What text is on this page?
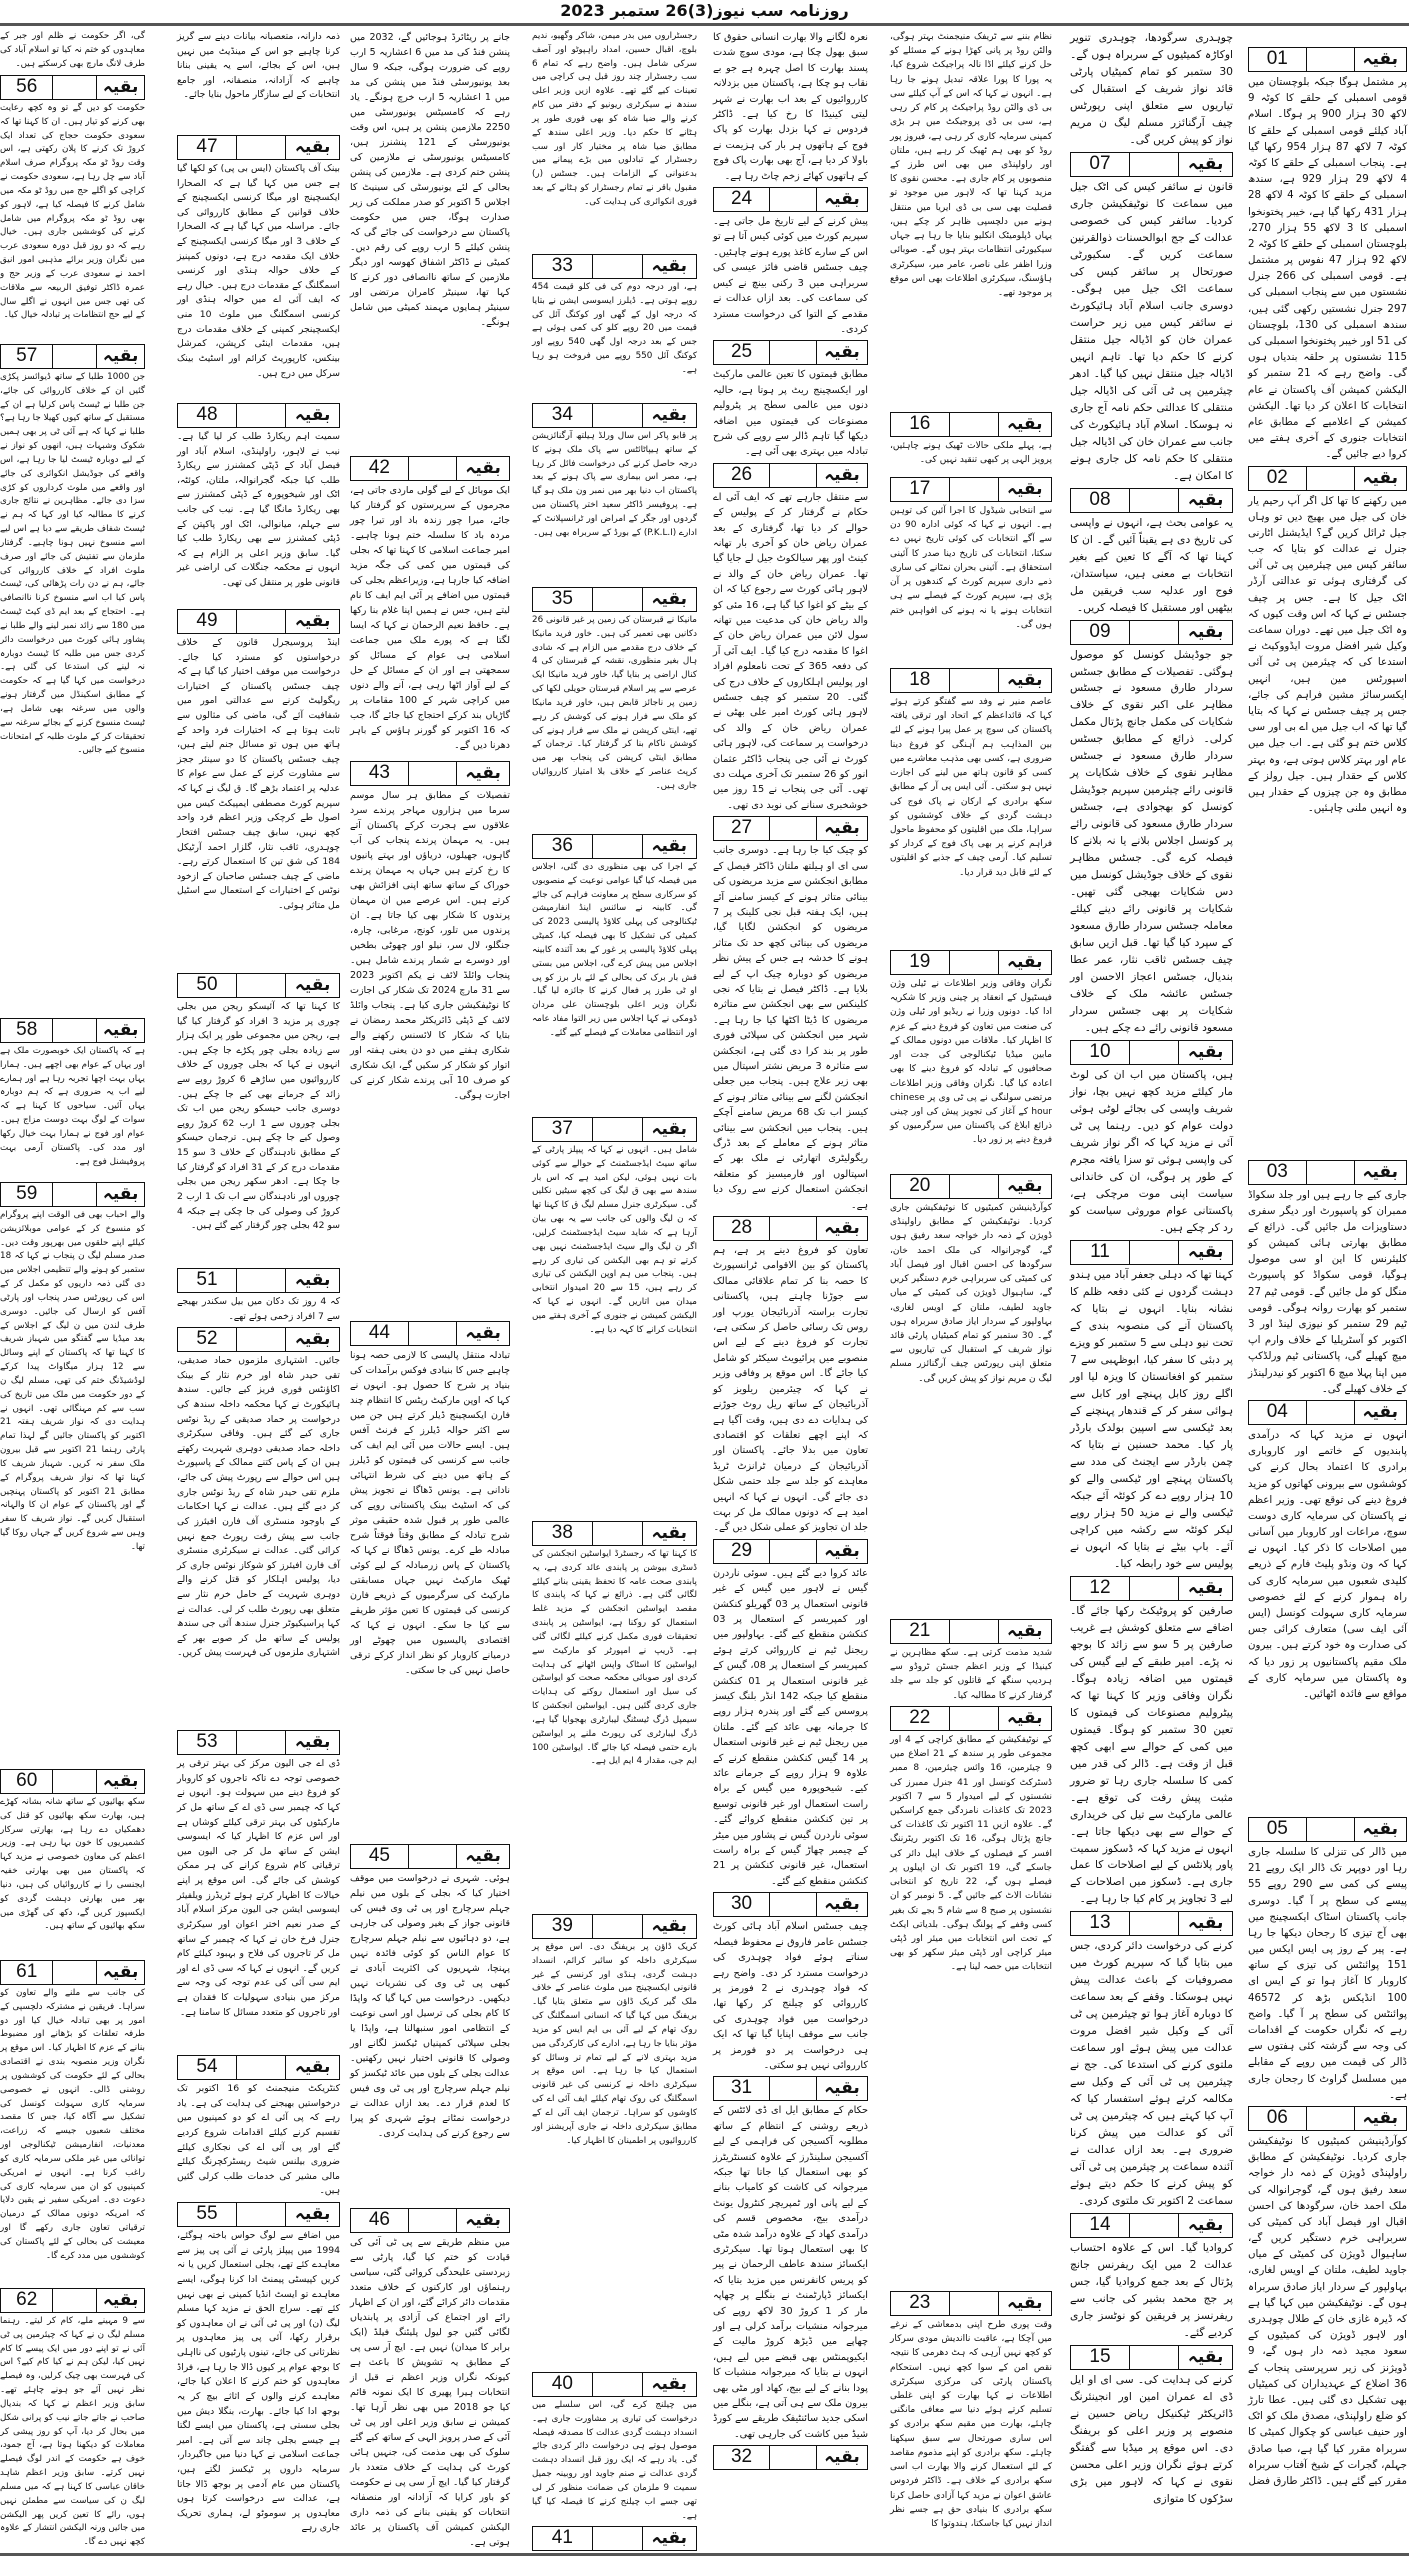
روزنامہ سب نیوز(3)26 ستمبر 2023
01	بقیہ

پر مشتمل ہوگا جبکہ بلوچستان میں قومی اسمبلی کے حلقے کا کوٹہ 9 لاکھ 30 ہزار 900 پر ہوگا۔ اسلام آباد کیلئے قومی اسمبلی کے حلقے کا کوٹہ 7 لاکھ 87 ہزار 954 رکھا گیا ہے۔ پنجاب اسمبلی کے حلقے کا کوٹہ 4 لاکھ 29 ہزار 929 ہے، سندھ اسمبلی کے حلقے کا کوٹہ 4 لاکھ 28 ہزار 431 رکھا گیا ہے، خیبر پختونخوا اسمبلی کا 3 لاکھ 55 ہزار 270، بلوچستان اسمبلی کے حلقے کا کوٹہ 2 لاکھ 92 ہزار 47 نفوس پر مشتمل ہے۔ قومی اسمبلی کی 266 جنرل نشستوں میں سے پنجاب اسمبلی کی 297 جنرل نشستیں رکھی گئی ہیں، سندھ اسمبلی کی 130، بلوچستان کی 51 اور خیبر پختونخوا اسمبلی کی 115 نشستوں پر حلقہ بندیاں ہوں گی۔ واضح رہے کہ 21 ستمبر کو الیکشن کمیشن آف پاکستان نے عام انتخابات کا اعلان کر دیا تھا۔ الیکشن کمیشن کے اعلامیے کے مطابق عام انتخابات جنوری کے آخری ہفتے میں کروا دیے جائیں گے۔

02	بقیہ

میں رکھنے کا تھا کل اگر آپ رحیم یار خان کی جیل میں بھیج دیں تو وہاں جیل ٹرائل کریں گے؟ ایڈیشنل اٹارنی جنرل نے عدالت کو بتایا کہ جب سائفر کیس میں چیئرمین پی ٹی آئی کی گرفتاری ہوئی تو عدالتی آرڈر اٹک جیل کا ہے۔ جس پر چیف جسٹس نے کہا کہ اس وقت کیوں کہ وہ اٹک جیل میں تھے۔ دوران سماعت وکیل شیر افضل مروت ایڈووکیٹ نے استدعا کی کہ چیئرمین پی ٹی آئی اسپورٹس مین ہیں، انہیں ایکسرسائز مشین فراہم کی جائے، جس پر چیف جسٹس نے کہا کہ بتایا گیا تھا کہ اب جیل میں اے بی اور سی کلاس ختم ہو گئی ہے۔ اب جیل میں عام اور بہتر کلاس ہوتی ہے، وہ بہتر کلاس کے حقدار ہیں۔ جیل رولز کے مطابق وہ جن چیزوں کے حقدار ہیں وہ انہیں ملنی چاہئیں۔

03	بقیہ

جاری کیے جا رہے ہیں اور جلد سکواڈ ممبران کو پاسپورٹ اور دیگر سفری دستاویزات مل جائیں گی۔ ذرائع کے مطابق بھارتی ہائی کمیشن کو کلیئرنس کا این او سی موصول ہوگیا، قومی سکواڈ کو پاسپورٹ منگل کو مل جائیں گے۔ قومی ٹیم 27 ستمبر کو بھارت روانہ ہوگی۔ قومی ٹیم 29 ستمبر کو نیوزی لینڈ اور 3 اکتوبر کو آسٹریلیا کے خلاف وارم اپ میچ کھیلے گی، پاکستانی ٹیم ورلڈکپ میں اپنا پہلا میچ 6 اکتوبر کو نیدرلینڈز کے خلاف کھیلے گی۔

04	بقیہ

انہوں نے مزید کہا کہ درآمدی پابندیوں کے خاتمے اور کاروباری برادری کا اعتماد بحال کرنے کی کوششوں سے بیرونی کھاتوں کو مزید فروغ دینے کی توقع تھی۔ وزیر اعظم نے پاکستان کی سرمایہ کاری دوست سوچ، مراعات اور کاروبار میں آسانی میں اصلاحات کا ذکر کیا۔ انہوں نے کہا کہ ون ونڈو پلیٹ فارم کے ذریعے کلیدی شعبوں میں سرمایہ کاری کی راہ ہموار کرنے کے لئے خصوصی سرمایہ کاری سہولت کونسل (ایس آئی ایف سی) متعارف کرائی جس کی صدارت وہ خود کرتے ہیں۔ بیرون ملک مقیم پاکستانیوں پر زور دیا کہ وہ پاکستان میں سرمایہ کاری کے مواقع سے فائدہ اٹھائیں۔

05	بقیہ

میں ڈالر کی تنزلی کا سلسلہ جاری رہا اور دوپہر تک ڈالر ایک روپے 21 پیسے کی کمی سے 290 روپے 55 پیسے کی سطح پر آ گیا۔ دوسری جانب پاکستان اسٹاک ایکسچینج میں بھی آج تیزی کا رجحان دیکھا جا رہا ہے۔ پیر کے روز پی ایس ایکس میں 151 پوائنٹس کی تیزی کے ساتھ کاروبار کا آغاز ہوا تو کے ایس ای 100 انڈیکس بڑھ کر 46572 پوائنٹس کی سطح پر آ گیا۔ واضح رہے کہ نگراں حکومت کے اقدامات کی وجہ سے گزشتہ کئی ہفتوں سے ڈالر کی قیمت میں روپے کے مقابلے میں مسلسل گراوٹ کا رجحان جاری ہے۔

06	بقیہ

کوآرڈینیشن کمیٹیوں کا نوٹیفکیشن جاری کردیا۔ نوٹیفکیشن کے مطابق راولپنڈی ڈویژن کے ذمہ دار خواجہ سعد رفیق ہوں گے، گوجرانوالہ کی ملک احمد خان، سرگودھا کی احسن اقبال اور فیصل آباد کی کمیٹی کی سربراہی خرم دستگیر کریں گے، ساہیوال ڈویژن کی کمیٹی کے میاں جاوید لطیف، ملتان کے اویس لغاری، بہاولپور کے سردار ایاز صادق سربراہ ہوں گے۔ نوٹیفکیشن میں کہا گیا ہے کہ ڈیرہ غازی خان کے طلال چوہدری اور لاہور ڈویژن کی کمیٹیوں کے سعود مجید ذمہ دار ہوں گے، 9 ڈویژنز کی زیر سرپرستی پنجاب کے 36 اضلاع کے عہدیداران کی کمیٹیاں بھی تشکیل دی گئی ہیں۔ عطا تارڑ کو ضلع راولپنڈی، مصدق ملک کو اٹک اور حنیف عباسی کو چکوال کمیٹی کا سربراہ مقرر کیا گیا ہے، صبا صادق جہلم، گجرات کے شیخ آفتاب سربراہ مقرر کیے گئے ہیں۔ ڈاکٹر طارق فضل

چوہدری سرگودھا، چوہدری تنویر اوکاڑہ کمیٹیوں کے سربراہ ہوں گے۔ 30 ستمبر کو تمام کمیٹیاں پارٹی قائد نواز شریف کے استقبال کی تیاریوں سے متعلق اپنی رپورٹس چیف آرگنائزر مسلم لیگ ن مریم نواز کو پیش کریں گی۔

07	بقیہ

قانون نے سائفر کیس کی اٹک جیل میں سماعت کا نوٹیفکیشن جاری کردیا۔ سائفر کیس کی خصوصی عدالت کے جج ابوالحسنات ذوالقرنین سماعت کریں گے۔ سکیورٹی صورتحال پر سائفر کیس کی سماعت اٹک جیل میں ہوگی۔ دوسری جانب اسلام آباد ہائیکورٹ نے سائفر کیس میں زیر حراست عمران خان کو اڈیالہ جیل منتقل کرنے کا حکم دیا تھا۔ تاہم انہیں اڈیالہ جیل منتقل نہیں کیا گیا۔ ادھر چیئرمین پی ٹی آئی کی اڈیالہ جیل منتقلی کا عدالتی حکم نامہ آج جاری نہ ہوسکا۔ اسلام آباد ہائیکورٹ کی جانب سے عمران خان کی اڈیالہ جیل منتقلی کا حکم نامہ کل جاری ہونے کا امکان ہے۔

08	بقیہ

یہ عوامی بحث ہے، انہوں نے واپسی کی تاریخ دی ہے یقیناً آئیں گے۔ ان کا کہنا تھا کہ آگے کا تعین کیے بغیر انتخابات بے معنی ہیں، سیاستدان، فوج اور عدلیہ سب فریقین مل بیٹھیں اور مستقبل کا فیصلہ کریں۔

09	بقیہ

جو جوڈیشل کونسل کو موصول ہوگئی۔ تفصیلات کے مطابق جسٹس سردار طارق مسعود نے جسٹس مظاہر علی اکبر نقوی کے خلاف شکایات کی مکمل جانچ پڑتال مکمل کرلی۔ ذرائع کے مطابق جسٹس سردار طارق مسعود نے جسٹس مظاہر نقوی کے خلاف شکایات پر قانونی رائے چیئرمین سپریم جوڈیشل کونسل کو بھجوادی ہے، جسٹس سردار طارق مسعود کی قانونی رائے پر کونسل اجلاس بلانے یا نہ بلانے کا فیصلہ کرے گی۔ جسٹس مظاہر نقوی کے خلاف جوڈیشل کونسل میں دس شکایات بھیجی گئی تھیں۔ شکایات پر قانونی رائے دینے کیلئے معاملہ جسٹس سردار طارق مسعود کے سپرد کیا گیا تھا۔ قبل ازیں سابق چیف جسٹس ثاقب نثار، عمر عطا بندیال، جسٹس اعجاز الاحسن اور جسٹس عائشہ ملک کے خلاف شکایات پر بھی جسٹس سردار مسعود قانونی رائے دے چکے ہیں۔

10	بقیہ

ہیں، پاکستان میں اب ان کی لوٹ مار کیلئے مزید کچھ نہیں بچا، نواز شریف واپسی کی بجائے لوٹی ہوئی دولت عوام کو دیں۔ رہنما پی ٹی آئی نے مزید کہا کہ اگر نواز شریف کی واپسی ہوئی تو سزا یافتہ مجرم کے طور پر ہوگی، ان کی خاندانی سیاست اپنی موت مرچکی ہے، پاکستانی عوام موروثی سیاست کو رد کر چکے ہیں۔

11	بقیہ

کہنا تھا کہ دہلی جعفر آباد میں ہندو دہشت گردوں نے کئی دفعہ ظلم کا نشانہ بنایا۔ انہوں نے بتایا کہ پاکستان آنے کی منصوبہ بندی کے تحت نیو دہلی سے 5 ستمبر کو ویزے پر دبئی کا سفر کیا، ابوظہبی سے 7 ستمبر کو افغانستان کا ویزہ لیا اور اگلے روز کابل پہنچے اور کابل سے ہوائی سفر کر کے قندھار پہنچنے کے بعد ٹیکسی سے اسپین بولدک بارڈر پار کیا۔ محمد حسنین نے بتایا کہ چمن بارڈر سے ایجنٹ کی مدد سے پاکستان پہنچے اور ٹیکسی والے کو 10 ہزار روپے دے کر کوئٹہ آئے جبکہ ٹیکسی والے نے مزید 50 ہزار روپے لیکر کوئٹہ سے رکشہ میں کراچی آئے۔ باپ بیٹے نے بتایا کہ انہوں نے پولیس سے خود رابطہ کیا۔

12	بقیہ

صارفین کو پروٹیکٹ رکھا جائے گا۔ اضافے سے متعلق کوشش ہے غریب صارفین پر 5 سو سے زائد کا بوجھ نہ پڑے۔ امیر طبقے کے لیے گیس کی قیمتوں میں اضافہ زیادہ ہوگا۔ نگران وفاقی وزیر کا کہنا تھا کہ پیٹرولیم مصنوعات کی قیمتوں کا تعین 30 ستمبر کو ہوگا۔ قیمتوں میں کمی کے حوالے سے ابھی کچھ قبل از وقت ہے۔ ڈالر کی قدر میں کمی کا سلسلہ جاری رہا تو ضرور مثبت پیش رفت کی توقع ہے۔ عالمی مارکیٹ سے تیل کی خریداری کے حوالے سے بھی دیکھا جاتا ہے۔ انہوں نے مزید کہا کہ ڈسکوز سمیت پاور پلانٹس کے لیے اصلاحات کا عمل جاری ہے۔ ڈسکوز میں اصلاحات کے لیے 3 تجاویز پر کام کیا جا رہا ہے۔

13	بقیہ

کرنے کی درخواست دائر کردی، جس میں بتایا گیا کہ سپریم کورٹ میں مصروفیات کے باعث عدالت پیش نہیں ہوسکتا۔ وقفے کے بعد سماعت کا دوبارہ آغاز ہوا تو چیئرمین پی ٹی آئی کے وکیل شیر افضل مروت عدالت میں پیش ہوئے اور سماعت ملتوی کرنے کی استدعا کی۔ جج نے چیئرمین پی ٹی آئی کے وکیل سے مکالمہ کرتے ہوئے استفسار کیا کہ آپ کیا کہتے ہیں کہ چیئرمین پی ٹی آئی کو عدالت میں پیش کرنا ضروری ہے۔ بعد ازاں عدالت نے آئندہ سماعت پر چیئرمین پی ٹی آئی کو پیش کرنے کا حکم دیتے ہوئے سماعت 2 اکتوبر تک ملتوی کردی۔

14	بقیہ

کروادیا گیا۔ اس کے علاوہ احتساب عدالت 2 میں ایک ریفرنس جانچ پڑتال کے بعد جمع کروادیا گیا، جس پر جج محمد بشیر کی جانب سے ریفرنسز پر فریقین کو نوٹسز جاری کردیے گئے۔

15	بقیہ

کرنے کی ہدایت کی۔ سی ای او ایل ڈی اے عمران امین اور انجینئرنگ ڈائریکٹر ٹیکنیکل ریاض حسین نے منصوبے پر وزیر اعلی کو بریفنگ دی۔ اس موقع پر میڈیا سے گفتگو کرتے ہوئے نگران وزیر اعلی محسن نقوی نے کہا کہ لاہور میں بڑی سڑکوں کا متوازی

نظام بننے سے ٹریفک منیجمنٹ بہتر ہوگی، والٹن روڈ پر پانی کھڑا ہونے کے مسئلے کو حل کرنے کیلئے اڈا نالہ پراجیکٹ شروع کیا، یہ پورا کا پورا علاقہ تبدیل ہونے جا رہا ہے۔ انہوں نے کہا کہ اس کے آپ کیلئے سی بی ڈی والٹن روڈ پراجیکٹ پر کام کر رہی ہے، سی بی ڈی پروجیکٹ میں ہر بڑی کمپنی سرمایہ کاری کر رہی ہے، فیروز پور روڈ کو بھی ہم ٹھیک کر رہے ہیں، ملتان اور راولپنڈی میں بھی اس طرز کے منصوبوں پر کام جاری ہے۔ محسن نقوی کا مزید کہنا تھا کہ لاہور میں موجود تو قصلیت بھی سی بی ڈی ایریا میں منتقل ہونے میں دلچسپی ظاہر کر چکے ہیں، یہاں ڈپلومیٹک انکلیو بنایا جا رہا ہے جہاں سیکیورٹی انتظامات بہتر ہوں گے۔ صوبائی وزرا اظفر علی ناصر، عامر میر، سیکرٹری ہاؤسنگ، سیکرٹری اطلاعات بھی اس موقع پر موجود تھے۔

16	بقیہ

ہے، پہلے ملکی حالات ٹھیک ہونے چاہئیں، پرویز الہی پر کبھی تنقید نہیں کی۔

17	بقیہ

سے انتخابی شیڈول کا اجرا آئین کی توہین ہے۔ انہوں نے کہا کہ کوئی ادارہ 90 دن سے آگے انتخابات کی کوئی تاریخ نہیں دے سکتا، انتخابات کی تاریخ دینا صدر کا آئینی استحقاق ہے۔ آئینی بحران نمٹانے کی ساری ذمے داری سپریم کورٹ کے کندھوں پر آن پڑی ہے، سپریم کورٹ کے فیصلے سے ہی انتخابات ہونے یا نہ ہونے کی افواہیں ختم ہوں گی۔

18	بقیہ

عاصم منیر نے وفد سے گفتگو کرتے ہوئے کہا کہ قائداعظم کے اتحاد اور ترقی یافتہ پاکستان کی سوچ پر عمل پیرا ہونے کے لئے بین المذاہب ہم آہنگی کو فروغ دینا ضروری ہے، کسی بھی مذہب معاشرے میں کسی کو قانون ہاتھ میں لینے کی اجازت نہیں ہو سکتی۔ آئی ایس پی آر کے مطابق سکھ برادری کے ارکان نے پاک فوج کی دہشت گردی کے خلاف کوششوں کو سراہا، ملک میں اقلیتوں کو محفوظ ماحول فراہم کرنے پر بھی پاک فوج کے کردار کو تسلیم کیا۔ آرمی چیف کے جذبے کو اقلیتوں کے لئے قابل دید قرار دیا۔

19	بقیہ

نگران وفاقی وزیر اطلاعات نے ٹیلی وژن فیسٹیول کے انعقاد پر چینی وزیر کا شکریہ ادا کیا۔ دونوں وزرا نے ریڈیو اور ٹیلی وژن کی صنعت میں تعاون کو فروغ دینے کے عزم کا اظہار کیا۔ ملاقات میں دونوں ممالک کے مابین میڈیا ٹیکنالوجی کی جدت اور صحافیوں کے تبادلہ کو فروغ دینے کا بھی اعادہ کیا گیا۔ نگران وفاقی وزیر اطلاعات مرتضی سولنگی نے پی ٹی وی پر chinese hour کے آغاز کی تجویز پیش کی اور چینی ذرائع ابلاغ کی پاکستان میں سرگرمیوں کو فروغ دینے پر زور دیا۔

20	بقیہ

کوآرڈینیشن کمیٹیوں کا نوٹیفکیشن جاری کردیا۔ نوٹیفکیشن کے مطابق راولپنڈی ڈویژن کے ذمہ دار خواجہ سعد رفیق ہوں گے، گوجرانوالہ کی ملک احمد خان، سرگودھا کی احسن اقبال اور فیصل آباد کی کمیٹی کی سربراہی خرم دستگیر کریں گے، ساہیوال ڈویژن کی کمیٹی کے میاں جاوید لطیف، ملتان کے اویس لغاری، بہاولپور کے سردار ایاز صادق سربراہ ہوں گے۔ 30 ستمبر کو تمام کمیٹیاں پارٹی قائد نواز شریف کے استقبال کی تیاریوں سے متعلق اپنی رپورٹس چیف آرگنائزر مسلم لیگ ن مریم نواز کو پیش کریں گی۔

21	بقیہ

شدید مذمت کرتی ہے۔ سکھ مظاہرین نے کینیڈا کے وزیر اعظم جسٹن ٹروڈو سے ہردیپ سنگھ کے قاتلوں کو جلد سے جلد گرفتار کرنے کا مطالبہ کیا۔

22	بقیہ

کے نوٹیفکیشن کے مطابق کراچی کے 4 اور مجموعی طور پر سندھ کے 21 اضلاع میں 9 چیئرمین، 16 وائس چیئرمین، 8 ممبر ڈسٹرکٹ کونسل اور 41 جنرل ممبرز کی نشستوں کے لیے امیدوار 5 سے 7 اکتوبر 2023 تک کاغذات نامزدگی جمع کراسکیں گے۔ علاوہ ازیں 11 اکتوبر تک کاغذات کی جانچ پڑتال ہوگی، 16 تک اکتوبر ریٹرننگ افسر کے فیصلوں کے خلاف اپیل دائر کی جاسکے گی، 19 اکتوبر تک ان اپیلوں پر فیصلے ہوں گے، 22 تاریخ کو انتخابی نشانات الاٹ کیے جائیں گے۔ 5 نومبر کو ان نشستوں پر صبح 8 سے شام 5 بجے تک بغیر کسی وقفے کے پولنگ ہوگی۔ بلدیاتی ایکٹ کے تحت اس انتخابات میں میئر اور ڈپٹی میئر کراچی اور ڈپٹی میئر سکھر کو بھی انتخابات میں حصہ لینا ہے۔

23	بقیہ

وقت پوری طرح اپنی بدمعاشی کے نرغے میں آچکا ہے، عاقبت نااندیش مودی سرکار کو کچھ نہیں آرہی کہ ہٹ دھرمی کا نتیجہ نقص امن کے سوا کچھ نہیں۔ استحکام پاکستان پارٹی کی مرکزی سیکرٹری اطلاعات نے کہا بھارت کو اپنی غلطی تسلیم کرتے ہوئے دنیا سے معافی مانگنی چاہئے، بھارت میں مقیم سکھ برادری کو اس ساری صورتحال سے سبق سیکھنا چاہئے۔ سکھ برادری کو اپنے مذموم مقاصد کے لئے استعمال کرنے والا بھارت اب اسی سکھ برادری کے خلاف ہے۔ ڈاکٹر فردوس عاشق اعوان نے مزید کہا آزادی حاصل کرنا سکھ برادری کا بنیادی حق ہے جسے نظر انداز نہیں کیا جاسکتا، ہندوتوا کا

نعرہ لگانے والا بھارت انسانی حقوق کا سبق بھول چکا ہے، مودی سوچ شدت پسند بھارت کا اصل چہرہ ہے جو بے نقاب ہو چکا ہے، پاکستان میں بزدلانہ کارروائیوں کے بعد اب بھارت نے شہر لیتی کینیڈا کا رخ کیا ہے۔ ڈاکٹر فردوس نے کہا بزدل بھارت کو پاک فوج کے ہاتھوں ہر بار کی ہزیمت نے باولا کر دیا ہے، آج بھی بھارت پاک فوج کے ہاتھوں کھائے زخم چاٹ رہا ہے۔

24	بقیہ

پیش کرنے کے لیے تاریخ مل جاتی ہے۔ سپریم کورٹ میں کوئی کیس آتا ہے تو اس کے سارے کاغذ پورے ہونے چاہئیں۔ چیف جسٹس قاضی فائز عیسی کی سربراہی میں 3 رکنی بینچ نے کیس کی سماعت کی۔ بعد ازاں عدالت نے مقدمے کے التوا کی درخواست مسترد کردی۔

25	بقیہ

مطابق قیمتوں کا تعین عالمی مارکیٹ اور ایکسچینج ریٹ پر ہوتا ہے، حالیہ دنوں میں عالمی سطح پر پٹرولیم مصنوعات کی قیمتوں میں اضافہ دیکھا گیا تاہم ڈالر سے روپے کی شرح تبادلہ میں بہتری بھی آئی ہے۔

26	بقیہ

سے منتقل جارہے تھے کہ ایف آئی اے حکام نے گرفتار کر کے پولیس کے حوالے کر دیا تھا، گرفتاری کے بعد عمران ریاض خان کو آخری بار تھانہ کینٹ اور پھر سیالکوٹ جیل لے جایا گیا تھا۔ عمران ریاض خان کے والد نے لاہور ہائی کورٹ سے رجوع کیا کہ ان کے بیٹے کو اغوا کیا گیا ہے، 16 مئی کو والد ریاض خان کی مدعیت میں تھانہ سول لائن میں عمران ریاض خان کے اغوا کا مقدمہ درج کیا گیا۔ ایف آئی آر کی دفعہ 365 کے تحت نامعلوم افراد اور پولیس اہلکاروں کے خلاف درج کی گئی۔ 20 ستمبر کو چیف جسٹس لاہور ہائی کورٹ امیر علی بھٹی نے عمران ریاض خان کے والد کی درخواست پر سماعت کی، لاہور ہائی کورٹ نے آئی جی پنجاب ڈاکٹر عثمان انور کو 26 ستمبر تک آخری مہلت دی تھی۔ آئی جی پنجاب نے 15 روز میں خوشخبری سنانے کی نوید دی تھی۔

27	بقیہ

کو چیک کیا جا رہا ہے۔ دوسری جانب سی ای او ہیلتھ ملتان ڈاکٹر فیصل کے مطابق انجکشن سے مزید مریضوں کی بینائی متاثر ہونے کے کیسز سامنے آئے ہیں، ایک ہفتہ قبل نجی کلینک پر 7 مریضوں کو انجکشن لگایا گیا، مریضوں کی بینائی کچھ حد تک متاثر ہونے کا خدشہ ہے جس کے پیش نظر مریضوں کو دوبارہ چیک اپ کے لیے بلایا ہے۔ ڈاکٹر فیصل نے بتایا کہ نجی کلینکس سے بھی انجکشن سے متاثرہ مریضوں کا ڈیٹا اکٹھا کیا جا رہا ہے۔ شہر میں انجکشن کی سپلائی فوری طور پر بند کرا دی گئی ہے، انجکشن سے متاثرہ 3 مریض نشتر اسپتال میں بھی زیر علاج ہیں۔ پنجاب میں جعلی انجکشن لگنے سے بینائی متاثر ہونے کے کیسز اب تک 68 مریض سامنے آچکے ہیں۔ پنجاب میں انجکشن سے بینائی متاثر ہونے کے معاملے کے بعد ڈرگ ریگولیٹری اتھارٹی نے ملک بھر کے اسپتالوں اور فارمیسیز کو متعلقہ انجکشن استعمال کرنے سے روک دیا ہے۔

28	بقیہ

تعاون کو فروغ دینے پر ہے، ہم پاکستان کو بین الاقوامی ٹرانسپورٹ کا حصہ بنا کر تمام علاقائی ممالک سے جوڑنا چاہتے ہیں، پاکستانی تجارت براستہ آذربائیجان یورپ اور روس تک رسائی حاصل کر سکتی ہے، تجارت کو فروغ دینے کے لیے اس منصوبے میں پرائیویٹ سیکٹر کو شامل کیا جائے گا۔ اس موقع پر وفاقی وزیر نے کہا کہ چیئرمین ریلویز کو آذربائیجان کے ساتھ ریل روٹ جوڑنے کی ہدایات دے دی ہیں، وقت آگیا ہے کہ اپنے اچھے تعلقات کو اقتصادی تعاون میں بدلا جائے۔ پاکستان اور آذربائیجان کے درمیان ٹرانزٹ ٹریڈ معاہدے کو جلد سے جلد حتمی شکل دی جائے گی۔ انہوں نے کہا کہ انہیں امید ہے کہ دونوں ممالک مل کر بہت جلد ان تجاویز کو عملی شکل دیں گے۔

29	بقیہ

عائد کروا دیے گئے ہیں۔ سوئی ناردرن گیس نے لاہور میں گیس کے غیر قانونی استعمال پر 03 گھریلو کنکشن اور کمپریسر کے استعمال پر 03 کنکشن منقطع کیے گئے۔ بہاولپور میں ریجنل ٹیم نے کارروائی کرتے ہوئے کمپریسر کے استعمال پر 08، گیس کے غیر قانونی استعمال پر 01 کنکشن منقطع کیا جبکہ 142 انڈر بلنگ کیسز پروسس کیے گئے اور پندرہ ہزار روپے کا جرمانہ بھی عائد کیے گئے۔ ملتان میں ریجنل ٹیم نے غیر قانونی استعمال پر 14 گیس کنکشن منقطع کرنے کے علاوہ 9 ہزار روپے کے جرمانے عائد کیے۔ شیخوپورہ میں گیس کے براہ راست استعمال اور غیر قانونی توسیع پر تین کنکشن منقطع کروائے گئے۔ سوئی ناردرن گیس نے پشاور میں میٹر کے چیمبر چھاڑ گیس کے براہ راست استعمال، غیر قانونی کنکشن پر 21 کنکشن منقطع کیے گئے۔

30	بقیہ

چیف جسٹس اسلام آباد ہائی کورٹ جسٹس عامر فاروق نے محفوظ فیصلہ سناتے ہوئے فواد چوہدری کی درخواست مسترد کر دی۔ واضح رہے کہ فواد چوہدری نے 2 فورمز پر کارروائی کو چیلنج کر رکھا تھا، درخواست میں فواد چوہدری کی جانب سے موقف اپنایا گیا تھا کہ ایک ہی درخواست پر دو فورمز پر کارروائی نہیں ہو سکتی۔

31	بقیہ

حکام کے مطابق ایل ای ڈی لائٹس کے ذریعے روشنی کے انتظام کے ساتھ مطلوبہ آکسیجن کی فراہمی کے لیے آکسیجن سلینڈرز کے علاوہ کنسنٹریٹرز کو بھی استعمال کیا جاتا تھا جبکہ میرجوانہ کی کاشت کو کامیاب بنانے کے لیے پانی اور ٹمپریچر کنٹرول یونٹ درآمدی بیج، مخصوص قسم کی درآمدی کھاد کے علاوہ درآمد شدہ مٹی کا بھی استعمال ہوتا تھا۔ سیکرٹری ایکسائز سندھ عاطف الرحمان نے پیر کو پریس کانفرنس میں مزید بتایا کہ ایکسائز ڈپارٹمنٹ نے بنگلے پر چھاپہ مار کر 1 کروڑ 30 لاکھ روپے کی میرجوانہ منشیات برآمد کرلی ہے اور چھاپے میں ڈیڑھ کروڑ مالیت کے ایکیوپمنٹس بھی قبضے میں لیے ہیں، انہوں نے بتایا کہ میرجوانہ منشیات کا پودا بنانے کے لیے بیج، کھاد اور مٹی بھی بیرون ملک سے ہی آتی ہے، بنگلے میں اسکی جدید سائنٹیفک طریقے سے کورڈ شیڈ میں کاشت کی جارہی تھی۔

32	بقیہ

رجسٹراروں میں بدر میمن، شاکر وگھیو، ندیم بلوچ، اقبال حسین، امداد راہپوٹو اور آصف سرکی شامل ہیں۔ واضح رہے کہ تمام 6 سب رجسٹرار چند روز قبل ہی کراچی میں تعینات کیے گئے تھے۔ علاوہ ازیں وزیر اعلی سندھ نے سیکرٹری ریونیو کے دفتر میں کام کرنے والے ضیا شاہ کو بھی فوری طور پر ہٹانے کا حکم دیا۔ وزیر اعلی سندھ کے مطابق ضیا شاہ پر مختیار کار اور سب رجسٹرار کے تبادلوں میں بڑے پیمانے میں بدعنوانی کے الزامات ہیں۔ جسٹس (ر) مقبول باقر نے تمام رجسٹرار کو ہٹانے کے بعد فوری انکوائری کی ہدایت کی۔

33	بقیہ

ہے، اور درجہ دوم کی فی کلو قیمت 454 روپے ہوتی ہے۔ ڈیلرز ایسوسی ایشن نے بتایا کہ درجہ اول کے گھی اور کوکنگ آئل کی قیمت میں 20 روپے کلو کی کمی ہوئی ہے جس کے بعد درجہ اول گھی 540 روپے اور کوکنگ آئل 550 روپے میں فروخت ہو رہا ہے۔

34	بقیہ

پر قابو پاکر اس سال ورلڈ ہیلتھ آرگنائزیشن کے ساتھ ہیپاٹائٹس سے پاک ملک ہونے کا درجہ حاصل کرنے کی درخواست فائل کر رہا ہے، مصر اس بیماری سے پاک ہونے کے بعد پاکستان اب دنیا بھر میں نمبر ون ملک ہو گیا ہے۔ پروفیسر ڈاکٹر سعید اختر پاکستان میں گردوں اور جگر کے امراض اور ٹرانسپلانٹ کے ادارے (P.K.L.I) کے بورڈ کے سربراہ بھی ہیں۔

35	بقیہ

مانیکا نے قبرستان کی زمین پر غیر قانونی 26 دکانیں بھی تعمیر کی ہیں۔ خاور فرید مانیکا کے خلاف درج مقدمے میں الزام ہے کہ شادی ہال بغیر منظوری، نقشہ کے قبرستان کی 4 کنال اراضی پر بنایا گیا، خاور فرید مانیکا ایک عرصے سے پیر اسلام قبرستان حویلی لکھا کی زمین پر ناجائز قابض ہیں، خاور فرید مانیکا کو ملک سے فرار ہونے کی کوشش کر رہے تھے، اینٹی کرپشن نے ملک سے فرار ہونے کی کوشش ناکام بنا کر گرفتار کیا۔ ترجمان کے مطابق اینٹی کرپشن کی پنجاب بھر میں کرپٹ عناصر کے خلاف بلا امتیاز کارروائیاں جاری ہیں۔

36	بقیہ

کے اجرا کی بھی منظوری دی گئی، اجلاس میں فیصلہ کیا گیا عوامی نوعیت کے منصوبوں کو سرکاری سطح پر معاونت فراہم کی جائے گی۔ کابینہ نے سائنس اینڈ انفارمیشن ٹیکنالوجی کی پہلی کلاؤڈ پالیسی 2023 کی کمیٹی کی تشکیل کا بھی فیصلہ کیا، کمیٹی پہلی کلاؤڈ پالیسی پر غور کے بعد آئندہ کابینہ اجلاس میں پیش کرے گی، اجلاس میں بستی قش بار برک کی بحالی کے لئے بار برز کو پی او ٹی طرز پر فعال کرنے کا جائزہ لیا گیا۔ نگران وزیر اعلی بلوچستان علی مردان ڈومکی نے کہا اجلاس میں زیر التوا مفاد عامہ اور انتظامی معاملات کے فیصلے کیے گئے۔

37	بقیہ

شامل ہیں۔ انہوں نے کہا کہ پیپلز پارٹی کے ساتھ سیٹ ایڈجسٹمنٹ کے حوالے سے کوئی بات نہیں ہوئی، لیکن امید ہے کہ اس بار سندھ سے بھی ق لیگ کی کچھ سیٹیں نکلیں گی۔ سیکرٹری جنرل مسلم لیگ ق کا کہنا تھا کہ ن لیگ والوں کی جانب سے یہ بھی بیان آرہا ہے کہ شاید سیٹ ایڈجسٹمنٹ کرلیں، اگر ن لیگ والے سیٹ ایڈجسٹمنٹ نہیں بھی کرتے تو ہم بھی الیکشن کی تیاری کر رہے ہیں۔ پنجاب میں ہم اوپن الیکشن کی تیاری کر رہے ہیں، 15 سے 20 امیدوار انتخابی میدان میں اتاریں گے۔ انہوں نے کہا کہ الیکشن کمیشن نے جنوری کے آخری ہفتے میں انتخابات کرانے کا کہہ دیا ہے۔

38	بقیہ

کا کہنا تھا کہ رجسٹرڈ ایواسٹین انجکشن کی ڈسٹری بیوشن پر پابندی عائد کردی ہے، یہ پابندی صحت عامہ کا تحفظ یقینی بنانے کیلئے لگائی گئی ہے۔ ذرائع نے کہا کہ پابندی کا مقصد ایواسٹین انجکشن کے مزید غلط استعمال کو روکنا ہے، ایواسٹین پر پابندی تحقیقات فوری مکمل کرنے کیلئے لگائی گئی ہے۔ ڈریپ نے امپورٹر کو مارکیٹ سے ایواسٹین کا اسٹاک واپس اٹھانے کی ہدایت کردی اور صوبائی محکمہ صحت کو ایواسٹین کی سیل اور استعمال روکنے کی ہدایات جاری کردی گئیں ہیں۔ ایواسٹین انجکشن کا سیمپل ڈرگ ٹیسٹنگ لیبارٹری بھجوایا گیا ہے، ڈرگ لیبارٹری کی رپورٹ ملنے پر ایواسٹین بارے حتمی فیصلہ کیا جائے گا۔ ایواسٹین 100 ایم جی، مقدار 4 ایم ایل ہے۔

39	بقیہ

کریک ڈاؤن پر بریفنگ دی۔ اس موقع پر سیکرٹری داخلہ کو سائبر کرائم، انسداد دہشت گردی، ہنڈی اور کرنسی کے غیر قانونی ایکسچینج میں ملوث عناصر کے خلاف ملک گیر کریک ڈاؤن سے متعلق بتایا گیا۔ بریفنگ میں کہا گیا کہ انسانی اسمگلنگ کی روک تھام کے لیے آئی بی ایم ایس کو مزید مؤثر بنایا جا رہا ہے، ادارے کی کارکردگی میں مزید بہتری لانے کے لیے تمام تر وسائل کو استعمال کیا جا رہا ہے۔ اس موقع پر سیکرٹری داخلہ نے کرنسی کی غیر قانونی اسمگلنگ کی روک تھام کیلئے ایف آئی اے کی کاوشوں کو سراہا۔ ترجمان ایف آئی اے کے مطابق سیکرٹری داخلہ نے جاری آپریشنز اور کارروائیوں پر اطمینان کا اظہار کیا۔

40	بقیہ

میں چیلنج کرے گی، اس سلسلے میں درخواست کی تیاری پر مشاورت جاری ہے۔ انسداد دہشت گردی عدالت کا مصدقہ فیصلہ موصول ہوتے ہی درخواست دائر کردی جائے گی۔ یاد رہے کہ ایک روز قبل انسداد دہشت گردی عدالت نے صنم جاوید اور روبینہ جمیل سمیت 9 ملزمان کی ضمانت منظور کر لی تھی جسے اب چیلنج کرنے کا فیصلہ کیا گیا ہے۔

41	بقیہ

جانے پر ریٹائرڈ ہوجائیں گے، 2032 میں پنشن فنڈ کی مد میں 6 اعشاریہ 5 ارب روپے کی ضرورت ہوگی، جبکہ 9 سال بعد یونیورسٹی فنڈ میں پنشن کی مد میں 1 اعشاریہ 5 ارب خرچ ہونگے۔ یاد رہے کہ کامسیٹس یونیورسٹی میں 2250 ملازمین پنشن پر ہیں، اس وقت یونیورسٹی کے 121 پنشنرز ہیں، کامسیٹس یونیورسٹی نے ملازمین کی پنشن ختم کردی ہے۔ ملازمین کی پنشن بحالی کے لئے یونیورسٹی کی سینیٹ کا اجلاس 5 اکتوبر کو صدر مملکت کی زیر صدارت ہوگا، جس میں حکومت پاکستان سے درخواست کی جائے گی کہ پنشن کیلئے 5 ارب روپے کی رقم دیں۔ کمیٹی نے ڈاکٹر اشفاق کھوسہ اور دیگر ملازمین کے ساتھ ناانصافی دور کرنے کا کہا تھا، سینیٹر کامران مرتضی اور سینیٹر ہمایوں مہمند کمیٹی میں شامل ہونگے۔

42	بقیہ

ایک موبائل کے لیے گولی ماردی جاتی ہے، مجرموں کے سرپرستوں کو گرفتار کیا جائے، میرا چور زندہ باد اور تیرا چور مردہ باد کا سلسلہ ختم ہونا چاہیے۔ امیر جماعت اسلامی کا کہنا تھا کہ بجلی کی قیمتوں میں کمی کی جگہ مزید اضافہ کیا جارہا ہے، وزیراعظم بجلی کی قیمتوں میں اضافے پر آئی ایم ایف کا نام لیتے ہیں، جس نے ہمیں اپنا غلام بنا رکھا ہے۔ حافظ نعیم الرحمان نے کہا کہ ایسا لگتا ہے کہ پورے ملک میں جماعت اسلامی ہی عوام کے مسائل کو سمجھتی ہے اور ان کے مسائل کے حل کے لیے آواز اٹھا رہی ہے، آنے والے دنوں میں کراچی شہر کے 100 مقامات پر گاڑیاں بند کرکے احتجاج کیا جائے گا، جب کہ 16 اکتوبر کو گورنر ہاؤس کے باہر دھرنا دیں گے۔

43	بقیہ

تفصیلات کے مطابق ہر سال موسم سرما میں ہزاروں مہاجر پرندے سرد علاقوں سے ہجرت کرکے پاکستان آتے ہیں۔ یہ مہمان پرندے پنجاب کی آب گاہوں، جھیلوں، دریاؤں اور بہتے پانیوں کا رخ کرتے ہیں جہاں یہ مہمان پرندے خوراک کے ساتھ ساتھ اپنی افزائش بھی کرتے ہیں۔ اس عرصے میں ان مہمان پرندوں کا شکار بھی کیا جاتا ہے۔ ان پرندوں میں تلور، کونج، مرغابی، چارہ، جنگلو، لال سر، نیلو اور چھوٹی بطخیں اور دوسرے بے شمار پرندے شامل ہیں۔ پنجاب وائلڈ لائف نے یکم اکتوبر 2023 سے 31 مارچ 2024 تک شکار کی اجازت کا نوٹیفکیشن جاری کیا ہے۔ پنجاب وائلڈ لائف کے ڈپٹی ڈائریکٹر محمد رمضان نے بتایا کہ شکار کا لائسنس رکھنے والے شکاری ہفتے میں دو دن یعنی ہفتہ اور اتوار کو شکار کر سکیں گے، ایک شکاری کو صرف 10 آبی پرندے شکار کرنے کی اجازت ہوگی۔

44	بقیہ

تبادلہ منتقل پالیسی کا لازمی حصہ ہونا چاہیے جس کا بنیادی فوکس برآمدات کی بنیاد پر شرح کا حصول ہو۔ انہوں نے کہا کہ اوپن مارکیٹ ریٹس کا انتظام چند فارن ایکسچینج ڈیلر کرتے ہیں جن میں سے اکثر حوالہ ڈیلرز کے فرنٹ آفس ہیں۔ ایسے حالات میں آئی ایم ایف کی جانب سے کرنسی کی قیمتوں کو ڈیلرز کے ہاتھ میں دینے کی شرط انتہائی نادانی ہے۔ یونس ڈھاگا نے تجویز پیش کی کہ اسٹیٹ بینک پاکستانی روپے کی عالمی طور پر قبول شدہ حقیقی موثر شرح تبادلہ کے مطابق وقتاً فوقتاً شرح مبادلہ طے کرے۔ یونس ڈھاگا نے کہا کہ پاکستان کے پاس زرمبادلہ کے لیے کوئی ٹھیک مارکیٹ نہیں جہاں مسابقتی مارکیٹ کی سرگرمیوں کے ذریعے فارن کرنسی کی قیمتوں کا تعین مؤثر طریقے سے کیا جا سکے۔ انہوں نے کہا کہ اقتصادی پالیسیوں میں چھوٹے اور درمیانے کاروبار کو نظر انداز کرکے ترقی حاصل نہیں کی جا سکتی۔

45	بقیہ

ہوئی۔ شہری نے درخواست میں موقف اختیار کیا کہ بجلی کے بلوں میں نیلم جہلم سرچارج اور پی ٹی وی فیس کی قانونی جواز کے بغیر وصولی کی جارہی ہے، دو دہائیوں سے نیلم جہلم سرچارج کا عوام الناس کو کوئی فائدہ نہیں پہنچا، شہریوں کی اکثریت آبادی نے کبھی پی ٹی وی کی نشریات نہیں دیکھیں۔ درخواست میں کہا گیا کہ واپڈا کا کام بجلی کی ترسیل اور اسی نوعیت کے انتظامی امور سنبھالنا ہے، واپڈا یا بجلی سپلائی کمپنیاں ٹیکسز لگانے اور وصولی کا قانونی اختیار نہیں رکھتیں۔ عدالت بجلی کے بلوں میں عائد ٹیکسز کو نیلم جہلم سرچارج اور پی ٹی وی فیس کا لعدم قرار دے۔ بعد ازاں عدالت نے درخواست نمٹاتے ہوئے شہری کو پیرا سے رجوع کرنے کی ہدایت کردی۔

46	بقیہ

میں منظم طریقے سے پی ٹی آئی کی قیادت کو ختم کیا گیا، پارٹی سے زبردستی علیحدگی کروائی گئی، سیاسی رہنماؤں اور کارکنوں کے خلاف متعدد مقدمات دائر کرائے گئے، اور ان کے اظہار رائے اور اجتماع کی آزادی پر پابندیاں لگائی گئیں جو لیول پلیئنگ فیلڈ (ایک برابر کا میدان) نہیں ہے۔ ایچ آر سی پی کے مطابق یہ تشویش کا باعث ہے کیونکہ نگراں وزیر اعظم نے قبل از انتخابات ہیرا پھیری کا ایک نمونہ قائم کیا جو 2018 میں بھی نظر آرہا تھا۔ کمیشن نے سابق وزیر اعلی اور پی ٹی آئی کے صدر پرویز الہی کے ساتھ کیے گئے سلوک کی بھی مذمت کی، جنہیں ہائی کورٹ کی ہدایت کے خلاف متعدد بار گرفتار کیا گیا۔ ایچ آر سی پی نے حکومت کو باور کرایا کہ آزادانہ اور منصفانہ انتخابات کو یقینی بنانے کی ذمہ داری الیکشن کمیشن آف پاکستان پر عائد ہوتی ہے۔

ذمہ دارانہ، متعصبانہ بیانات دینے سے گریز کرنا چاہیے جو اس کے مینڈیٹ میں نہیں ہیں، اس کے بجائے، اسے یہ یقینی بنانا چاہیے کہ آزادانہ، منصفانہ، اور جامع انتخابات کے لیے سازگار ماحول بنایا جائے۔

47	بقیہ

بینک آف پاکستان (ایس بی پی) کو لکھا گیا ہے جس میں کہا گیا ہے کہ الصحارا ایکسچینج اور میگا کرنسی ایکسچینج کے خلاف قوانین کے مطابق کارروائی کی جائے۔ مراسلہ میں کہا گیا ہے کہ الصحارا کے خلاف 3 اور میگا کرنسی ایکسچینج کے خلاف ایک مقدمہ درج ہے، دونوں کمپنیز کے خلاف حوالہ ہنڈی اور کرنسی اسمگلنگ کے مقدمات درج ہیں۔ خیال رہے کہ ایف آئی اے میں حوالہ ہنڈی اور کرنسی اسمگلنگ میں ملوث 10 منی ایکسچینجر کمپنی کے خلاف مقدمات درج ہیں، مقدمات اینٹی کرپشن، کمرشل بینکس، کارپوریٹ کرائم اور اسٹیٹ بینک سرکل میں درج ہیں۔

48	بقیہ

سمیت اہم ریکارڈ طلب کر لیا گیا ہے۔ نیب نے لاہور، راولپنڈی، اسلام آباد اور فیصل آباد کے ڈپٹی کمشنرز سے ریکارڈ طلب کیا جبکہ گجرانوالہ، ملتان، کوئٹہ، اٹک اور شیخوپورہ کے ڈپٹی کمشنرز سے بھی ریکارڈ مانگا گیا ہے۔ نیب کی جانب سے جہلم، میانوالی، اٹک اور پاکپتن کے ڈپٹی کمشنرز سے بھی ریکارڈ طلب کیا گیا۔ سابق وزیر اعلی پر الزام ہے کہ انہوں نے محکمہ جنگلات کی اراضی غیر قانونی طور پر منتقل کی تھی۔

49	بقیہ

اینڈ پروسیجرل قانون کے خلاف درخواستوں کو مسترد کیا جائے۔ درخواست میں موقف اختیار کیا گیا ہے کہ چیف جسٹس پاکستان کے اختیارات ریگولیٹ کرنے سے عدالتی امور میں شفافیت آئے گی، ماضی کی مثالوں سے ثابت ہوتا ہے کہ اختیارات فرد واحد کے ہاتھ میں ہوں تو مسائل جنم لیتے ہیں، چیف جسٹس پاکستان کا دو سینئر ججز سے مشاورت کرنے کے عمل سے عوام کا عدلیہ پر اعتماد بڑھے گا۔ ق لیگ نے کہا کہ سپریم کورٹ مصطفی ایمپیکٹ کیس میں اصول طے کرچکی وزیر اعظم فرد واحد کچھ نہیں، سابق چیف جسٹس افتخار چوہدری، ثاقب نثار، گلزار احمد آرٹیکل 184 کی شق تین کا استعمال کرتے رہے۔ ماضی کے چیف جسٹس صاحبان کے ازخود نوٹس کے اختیارات کے استعمال سے اسٹیل مل متاثر ہوئی۔

50	بقیہ

کا کہنا تھا کہ آئیسکو ریجن میں بجلی چوری پر مزید 3 افراد کو گرفتار کیا گیا ہے، ریجن میں مجموعی طور پر ایک ہزار سے زیادہ بجلی چور پکڑے جا چکے ہیں۔ انہوں نے کہا کہ بجلی چوروں کے خلاف کارروائیوں میں ساڑھے 6 کروڑ روپے سے زائد کے جرمانے بھی کیے جا چکے ہیں۔ دوسری جانب حیسکو ریجن میں اب تک بجلی چوروں سے 1 ارب 62 کروڑ روپے وصول کیے جا چکے ہیں۔ ترجمان حیسکو کے مطابق نادہندگان کے خلاف 3 سو 15 مقدمات درج کر کے 31 افراد کو گرفتار کیا جا چکا ہے۔ ادھر سکھر ریجن میں بجلی چوروں اور نادہندگان سے اب تک 1 ارب 2 کروڑ کی وصولی کی جا چکی ہے جبکہ 4 سو 42 بجلی چور گرفتار کیے گئے ہیں۔

51	بقیہ

کہ 4 روز تک دکان میں بیل سکندر بھیجے سے 7 افراد زخمی ہوئے تھے۔

52	بقیہ

جائیں۔ اشتہاری ملزموں حماد صدیقی، تقی حیدر شاہ اور خرم نثار کے بینک اکاؤنٹس فوری فریز کیے جائیں۔ سندھ ہائیکورٹ نے کہا محکمہ داخلہ سندھ کی درخواست پر حماد صدیقی کے ریڈ نوٹس جاری کیے گئے ہیں۔ وفاقی سیکرٹری داخلہ حماد صدیقی دوہری شہریت رکھتے ہیں ان کے پاس کتنے ممالک کے پاسپورٹ ہیں اس حوالے سے رپورٹ پیش کی جائے، ملزم تقی حیدر شاہ کے ریڈ نوٹس جاری کر دیے گئے ہیں۔ عدالت نے کہا احکامات کے باوجود منسٹری آف فارن افیئرز کی جانب سے پیش رفت رپورٹ جمع نہیں کرائی گئی۔ عدالت نے سیکرٹری منسٹری آف فارن افیئرز کو شوکاز نوٹس جاری کر دیا، پولیس اہلکار کو قتل کرنے والے دوہری شہریت کے حامل خرم نثار سے متعلق بھی رپورٹ طلب کر لی۔ عدالت نے کہا پراسیکیوٹر جنرل سندھ آئی جی سندھ پولیس کے ساتھ مل کر صوبے بھر کے اشتہاری ملزموں کی فہرست پیش کریں۔

53	بقیہ

ڈی اے جی الیون مرکز کی بہتر ترقی پر خصوصی توجہ دے تاکہ تاجروں کو کاروبار کو فروغ دینے میں سہولت ہو۔ انہوں نے کہا کہ چیمبر سی ڈی اے کے ساتھ مل کر مارکیٹوں کی بہتر ترقی کیلئے کوشاں ہے اور اس عزم کا اظہار کیا کہ ایسوسی ایشن کے ساتھ مل کر جی الیون میں ترقیاتی کام شروع کرانے کی ہر ممکن کوشش کی جائے گی۔ اس موقع پر اپنے خیالات کا اظہار کرتے ہوئے ٹریڈرز ویلفیئر ایسوسی ایشن جی الیون مرکز اسلام آباد کے صدر نعیم اختر اعوان اور سیکرٹری جنرل فرخ خان نے کہا کہ چیمبر کے ساتھ مل کر تاجروں کی فلاح و بہبود کیلئے کام کریں گے۔ انہوں نے کہا کہ سی ڈی اے اور ایم سی آئی کی عدم توجہ کی وجہ سے مرکز میں بنیادی سہولیات کا فقدان ہے اور تاجروں کو متعدد مسائل کا سامنا ہے۔

54	بقیہ

کنٹریکٹ منیجمنٹ کو 16 اکتوبر تک درخواستیں بھیجنے کی ہدایت کی ہے۔ یاد رہے کہ پی آئی اے کو دو کمپنیوں میں تقسیم کرنے کیلئے اقدامات شروع کردیے گئے اور پی آئی اے کی نجکاری کیلئے ضروری بیلنس شیٹ ریسٹرکچرنگ کیلئے مالی مشیر کی خدمات طلب کرلی گئیں ہیں۔

55	بقیہ

میں اضافے سے لوگ حواس باختہ ہوگئے، 1994 میں پیپلز پارٹی نے آئی پی پیز سے معاہدے کئے تھے، بجلی استعمال کریں یا نہ کریں کپیسٹی پیمنٹ ادا کرنا ہوگی، ایسے معاہدے تو ایسٹ انڈیا کمپنی نے بھی نہیں کئے تھے۔ سراج الحق نے مزید کہا مسلم لیگ (ن) اور پی ٹی آئی نے ان معاہدوں کو برقرار رکھا، آئی پی پیز معاہدوں پر نظرثانی کی جائے، تینوں پارٹیوں کی نااہلی کا بوجھ عوام پر کیوں ڈالا جا رہا ہے، فراڈ معاہدوں کو ختم کرنے کا اعلان کیا جائے، معاہدے کرنے والوں کے اثاثے بیچ کر یہ بوجھ ادا کیا جائے۔ بھارت، بنگلا دیش میں بجلی سستی ہے، پاکستان میں ایسے لگتا ہے جیسے بجلی چاند سے آتی ہے۔ امیر جماعت اسلامی نے کہا دنیا میں جاگیردار، سرمایہ داروں پر ٹیکسز لگتے ہیں، پاکستان میں عام آدمی پر بوجھ ڈالا جاتا ہے، عدالت سے درخواست کرتا ہوں معاہدوں پر سوموٹو لے، ہماری تحریک جاری رہے

گی، اگر حکومت نے ظلم اور جبر کے معاہدوں کو ختم نہ کیا تو اسلام آباد کی طرف لانگ مارچ بھی کرسکتے ہیں۔

56	بقیہ

حکومت کو دیں گے تو وہ کچھ رعایت بھی کرنے کو تیار ہیں۔ ان کا کہنا تھا کہ سعودی حکومت حجاج کی تعداد ایک کروڑ تک کرنے کا پلان رکھتی ہے، اس وقت روڈ ٹو مکہ پروگرام صرف اسلام آباد سے چل رہا ہے، سعودی حکومت نے کراچی کو اگلے حج میں روڈ ٹو مکہ میں شامل کرنے کا فیصلہ کیا ہے، لاہور کو بھی روڈ ٹو مکہ پروگرام میں شامل کرنے کی کوششیں جاری ہیں۔ خیال رہے کہ دو روز قبل دورہ سعودی عرب میں نگران وزیر برائے مذہبی امور انیق احمد نے سعودی عرب کے وزیر حج و عمرہ ڈاکٹر توفیق الربیعہ سے ملاقات کی تھی جس میں انہوں نے اگلے سال کے لیے حج انتظامات پر تبادلہ خیال کیا۔

57	بقیہ

جن 1000 طلبا کے ساتھ ڈیوائسز پکڑی گئیں ان کے خلاف کارروائی کی جائے، جن طلبا نے ٹیسٹ پاس کرلیا ہے ان کے مستقبل کے ساتھ کیوں کھیلا جا رہا ہے؟ طلبا نے کہا کہ ہے آئی ٹی پر بھی ہمیں شکوک وشبہات ہیں، انھوں کو نواز نے کے لیے دوبارہ ٹیسٹ لیا جا رہا ہے، اس واقعے کی جوڈیشل انکوائری کی جائے اور واقعے میں ملوث کرداروں کو کڑی سزا دی جائے۔ مظاہرین نے نتائج جاری کرنے کا مطالبہ کیا اور کہا کہ ہم نے ٹیسٹ شفاف طریقے سے دیا ہے اس لیے اسے منسوخ نہیں ہونا چاہیے۔ گرفتار ملزمان سے تفتیش کی جائے اور صرف ملوث افراد کے خلاف کارروائی کی جائے، ہم نے دن رات پڑھائی کی، ٹیسٹ پاس کیا اب اسے منسوخ کرنا ناانصافی ہے۔ احتجاج کے بعد ایم ڈی کیٹ ٹیسٹ میں 180 سے زائد نمبر لینے والے طلبا نے پشاور ہائی کورٹ میں درخواست دائر کردی جس میں طلبہ کا ٹیسٹ دوبارہ نہ لینے کی استدعا کی گئی ہے۔ درخواست میں کہا گیا ہے کہ حکومت کے مطابق اسکینڈل میں گرفتار ہونے والوں میں سرغنہ بھی شامل ہے، ٹیسٹ منسوخ کرنے کے بجائے سرغنہ سے تحقیقات کر کے ملوث طلبہ کے امتحانات منسوخ کیے جائیں۔

58	بقیہ

ہے کہ پاکستان ایک خوبصورت ملک ہے اور یہاں کے عوام بھی اچھے ہیں۔ ہمارا یہاں بہت اچھا تجربہ رہا ہے اور ہمارے لیے اب یہ ضروری ہے کہ ہم دوبارہ یہاں آئیں۔ سیاحوں کا کہنا ہے کہ سوات کے لوگ بہت دوست مزاج ہیں۔ عوام اور فوج نے ہمارا بہت خیال رکھا اور مدد کی۔ پاکستان آرمی بہت پروفیشنل فوج ہے۔

59	بقیہ

والے احباب بھی فی الوقت اپنے پروگرام کو منسوخ کر کے عوامی موبلائزیشن کیلئے اپنے حلقوں میں بھرپور وقت دیں۔ صدر مسلم لیگ ن پنجاب نے کہا کہ 18 ستمبر کو ہونے والے تنظیمی اجلاس میں دی گئی ذمہ داریوں کو مکمل کر کے اس کی رپورٹس صدر پنجاب اور پارٹی آفس کو ارسال کی جائیں۔ دوسری طرف لندن میں ن لیگ کے اجلاس کے بعد میڈیا سے گفتگو میں شہباز شریف کا کہنا تھا کہ پاکستان کے اپنے وسائل سے 12 ہزار میگاواٹ پیدا کرکے لوڈشیڈنگ ختم کی تھی، مسلم لیگ ن کے دور حکومت میں ملک میں تاریخ کی سب سے کم مہنگائی تھی۔ انہوں نے ہدایت دی کہ نواز شریف ہفتہ 21 اکتوبر کو پاکستان جائیں گے لہذا تمام پارٹی رہنما 21 اکتوبر سے قبل بیرون ملک سفر نہ کریں۔ شہباز شریف کا کہنا تھا کہ نواز شریف پروگرام کے مطابق 21 اکتوبر کو پاکستان پہنچیں گے اور پاکستان کے عوام ان کا والہانہ استقبال کریں گے۔ نواز شریف کا سفر وہیں سے شروع کریں گے جہاں روکا گیا تھا۔

60	بقیہ

سکھ بھائیوں کے ساتھ شانہ بشانہ کھڑے ہیں، بھارت سکھ بھائیوں کو قتل کی دھمکیاں دے رہا ہے، بھارتی سرکار کشمیریوں کا خون بہا رہی ہے۔ وزیر اعظم کی معاون خصوصی نے مزید کہا کہ پاکستان میں بھی بھارتی خفیہ ایجنسی را نے کارروائیاں کی ہیں، دنیا بھر میں بھارتی دہشت گردی کو ایکسپوز کریں گے، دکھ کی گھڑی میں سکھ بھائیوں کے ساتھ ہیں۔

61	بقیہ

کی جانب سے ملنے والے تعاون کو سراہا۔ فریقین نے مشترکہ دلچسپی کے امور پر بھی تبادلہ خیال کیا اور دو طرفہ تعلقات کو بڑھانے اور مضبوط بنانے کے عزم کا اظہار کیا۔ اس موقع پر نگران وزیر منصوبہ بندی نے اقتصادی بحالی کے لئے حکومت کی کوششوں پر روشنی ڈالی۔ انہوں نے خصوصی سرمایہ کاری سہولت کونسل کی تشکیل سے آگاہ کیا، جس کا مقصد مختلف شعبوں جیسے کہ زراعت، معدنیات، انفارمیشن ٹیکنالوجی اور توانائی میں غیر ملکی سرمایہ کاری کو راغب کرنا ہے۔ انہوں نے امریکی کمپنیوں کو ان میں سرمایہ کاری کی دعوت دی۔ امریکی سفیر نے یقین دلایا کہ امریکہ دونوں ممالک کے درمیان ترقیاتی تعاون جاری رکھے گا اور معیشت کی بحالی کے لئے پاکستان کی کوششوں میں مدد کرے گا۔

62	بقیہ

سے 9 مہینے ملے، کام کر لیتے۔ رہنما مسلم لیگ ن نے کہا کہ چیئرمین پی ٹی آئی نے تو اپنے دور میں ایک پیسے کا کام نہیں کیا، لیکن ہم نے کیا کام کیے؟ اس کی فہرست بھی چیک کرلیں، وہ فیصلے نظر نہیں آئے جو ہونے چاہئے تھے۔ سابق وزیر اعظم نے کہا کہ بندیال صاحب نے جاتے جاتے نیب کو پرانی شکل میں بحال کر دیا، آپ کو روز پیشی کر معاملات کو دیکھنا ہوتا ہے، آج جمود، خوف ہے حکومت کے اندر لوگ فیصلے نہیں کرتے۔ سابق وزیر اعظم شاہد خاقان عباسی کا کہنا ہے کہ میں مسلم لیگ ن کی سیاست سے مطمئن نہیں ہوں، رائے کا تعین کریں پھر الیکشن میں جائیں ورنہ الیکشن انتشار کے علاوہ کچھ نہیں دے گا۔
